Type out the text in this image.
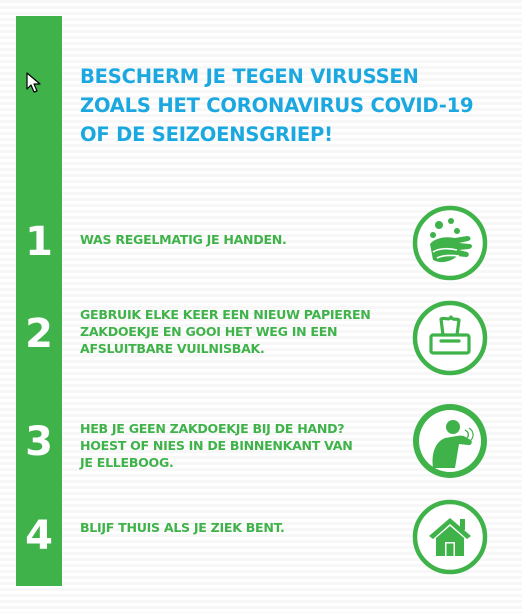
BESCHERM JE TEGEN VIRUSSEN
ZOALS HET CORONAVIRUS COVID-19
OF DE SEIZOENSGRIEP!
1	WAS REGELMATIG JE HANDEN.
2	GEBRUIK ELKE KEER EEN NIEUW PAPIEREN
ZAKDOEKJE EN GOOI HET WEG IN EEN
AFSLUITBARE VUILNISBAK.
3	HEB JE GEEN ZAKDOEKJE BIJ DE HAND?
HOEST OF NIES IN DE BINNENKANT VAN
JE ELLEBOOG.
4	BLIJF THUIS ALS JE ZIEK BENT.
